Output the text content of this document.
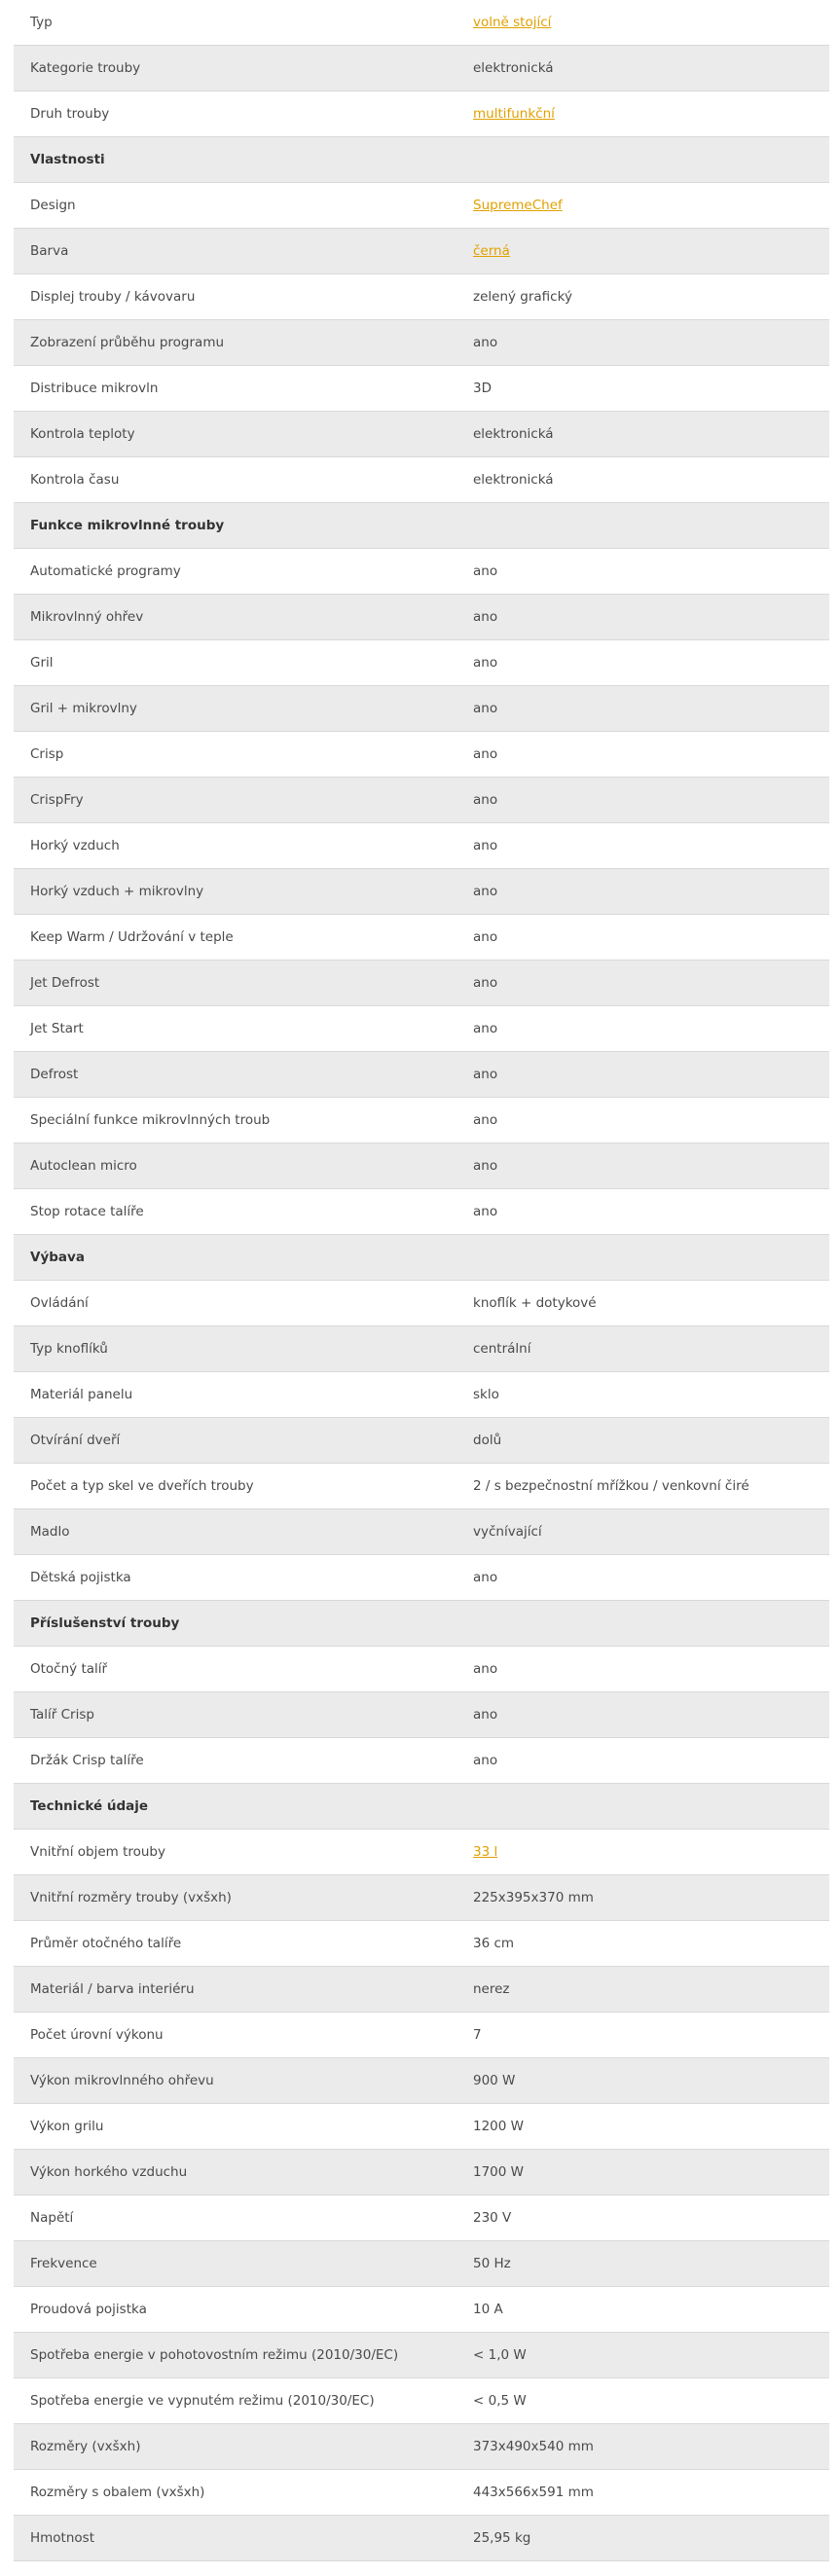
Typ	volně stojící
Kategorie trouby	elektronická
Druh trouby	multifunkční
Vlastnosti
Design	SupremeChef
Barva	černá
Displej trouby / kávovaru	zelený grafický
Zobrazení průběhu programu	ano
Distribuce mikrovln	3D
Kontrola teploty	elektronická
Kontrola času	elektronická
Funkce mikrovlnné trouby
Automatické programy	ano
Mikrovlnný ohřev	ano
Gril	ano
Gril + mikrovlny	ano
Crisp	ano
CrispFry	ano
Horký vzduch	ano
Horký vzduch + mikrovlny	ano
Keep Warm / Udržování v teple	ano
Jet Defrost	ano
Jet Start	ano
Defrost	ano
Speciální funkce mikrovlnných troub	ano
Autoclean micro	ano
Stop rotace talíře	ano
Výbava
Ovládání	knoflík + dotykové
Typ knoflíků	centrální
Materiál panelu	sklo
Otvírání dveří	dolů
Počet a typ skel ve dveřích trouby	2 / s bezpečnostní mřížkou / venkovní čiré
Madlo	vyčnívající
Dětská pojistka	ano
Příslušenství trouby
Otočný talíř	ano
Talíř Crisp	ano
Držák Crisp talíře	ano
Technické údaje
Vnitřní objem trouby	33 l
Vnitřní rozměry trouby (vxšxh)	225x395x370 mm
Průměr otočného talíře	36 cm
Materiál / barva interiéru	nerez
Počet úrovní výkonu	7
Výkon mikrovlnného ohřevu	900 W
Výkon grilu	1200 W
Výkon horkého vzduchu	1700 W
Napětí	230 V
Frekvence	50 Hz
Proudová pojistka	10 A
Spotřeba energie v pohotovostním režimu (2010/30/EC)	< 1,0 W
Spotřeba energie ve vypnutém režimu (2010/30/EC)	< 0,5 W
Rozměry (vxšxh)	373x490x540 mm
Rozměry s obalem (vxšxh)	443x566x591 mm
Hmotnost	25,95 kg
